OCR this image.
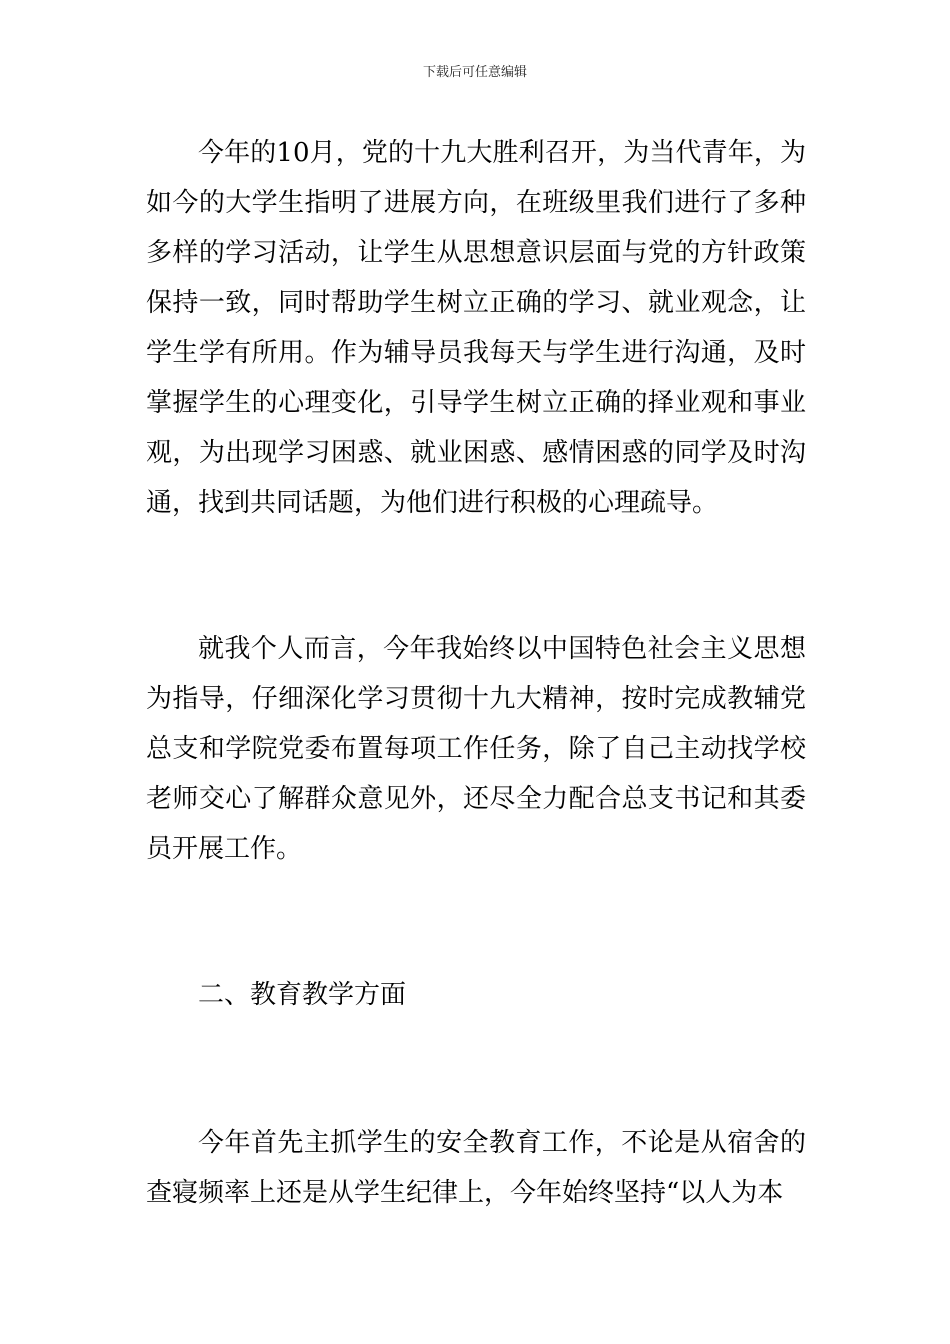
下载后可任意编辑

今年的10月，党的十九大胜利召开，为当代青年，为如今的大学生指明了进展方向，在班级里我们进行了多种多样的学习活动，让学生从思想意识层面与党的方针政策保持一致，同时帮助学生树立正确的学习、就业观念，让学生学有所用。作为辅导员我每天与学生进行沟通，及时掌握学生的心理变化，引导学生树立正确的择业观和事业观，为出现学习困惑、就业困惑、感情困惑的同学及时沟通，找到共同话题，为他们进行积极的心理疏导。

就我个人而言，今年我始终以中国特色社会主义思想为指导，仔细深化学习贯彻十九大精神，按时完成教辅党总支和学院党委布置每项工作任务，除了自己主动找学校老师交心了解群众意见外，还尽全力配合总支书记和其委员开展工作。

二、教育教学方面

今年首先主抓学生的安全教育工作，不论是从宿舍的查寝频率上还是从学生纪律上，今年始终坚持“以人为本
